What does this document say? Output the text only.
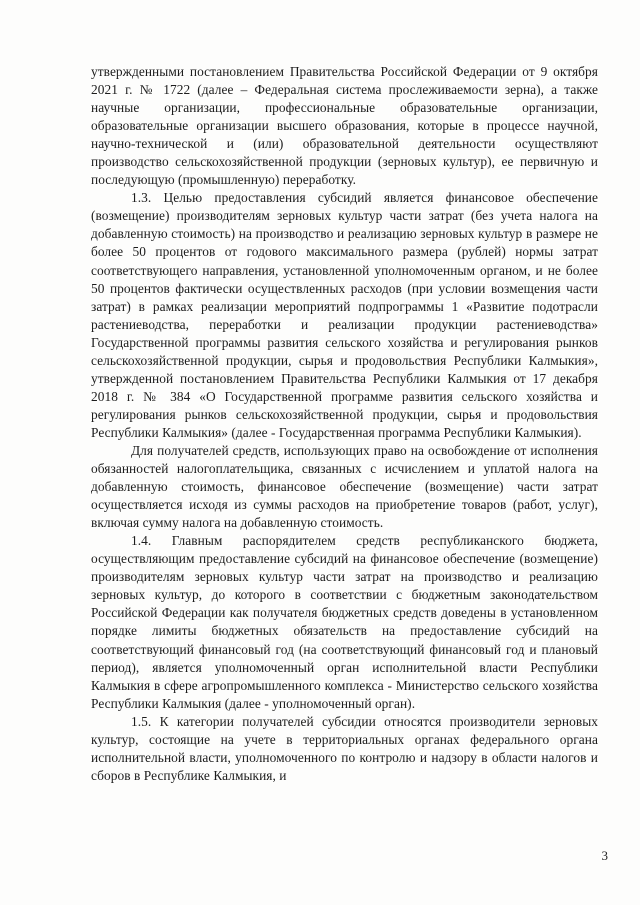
утвержденными постановлением Правительства Российской Федерации от 9 октября 2021 г. № 1722 (далее – Федеральная система прослеживаемости зерна), а также научные организации, профессиональные образовательные организации, образовательные организации высшего образования, которые в процессе научной, научно-технической и (или) образовательной деятельности осуществляют производство сельскохозяйственной продукции (зерновых культур), ее первичную и последующую (промышленную) переработку.

1.3. Целью предоставления субсидий является финансовое обеспечение (возмещение) производителям зерновых культур части затрат (без учета налога на добавленную стоимость) на производство и реализацию зерновых культур в размере не более 50 процентов от годового максимального размера (рублей) нормы затрат соответствующего направления, установленной уполномоченным органом, и не более 50 процентов фактически осуществленных расходов (при условии возмещения части затрат) в рамках реализации мероприятий подпрограммы 1 «Развитие подотрасли растениеводства, переработки и реализации продукции растениеводства» Государственной программы развития сельского хозяйства и регулирования рынков сельскохозяйственной продукции, сырья и продовольствия Республики Калмыкия», утвержденной постановлением Правительства Республики Калмыкия от 17 декабря 2018 г. № 384 «О Государственной программе развития сельского хозяйства и регулирования рынков сельскохозяйственной продукции, сырья и продовольствия Республики Калмыкия» (далее - Государственная программа Республики Калмыкия).

Для получателей средств, использующих право на освобождение от исполнения обязанностей налогоплательщика, связанных с исчислением и уплатой налога на добавленную стоимость, финансовое обеспечение (возмещение) части затрат осуществляется исходя из суммы расходов на приобретение товаров (работ, услуг), включая сумму налога на добавленную стоимость.

1.4. Главным распорядителем средств республиканского бюджета, осуществляющим предоставление субсидий на финансовое обеспечение (возмещение) производителям зерновых культур части затрат на производство и реализацию зерновых культур, до которого в соответствии с бюджетным законодательством Российской Федерации как получателя бюджетных средств доведены в установленном порядке лимиты бюджетных обязательств на предоставление субсидий на соответствующий финансовый год (на соответствующий финансовый год и плановый период), является уполномоченный орган исполнительной власти Республики Калмыкия в сфере агропромышленного комплекса - Министерство сельского хозяйства Республики Калмыкия (далее - уполномоченный орган).

1.5. К категории получателей субсидии относятся производители зерновых культур, состоящие на учете в территориальных органах федерального органа исполнительной власти, уполномоченного по контролю и надзору в области налогов и сборов в Республике Калмыкия, и

3
